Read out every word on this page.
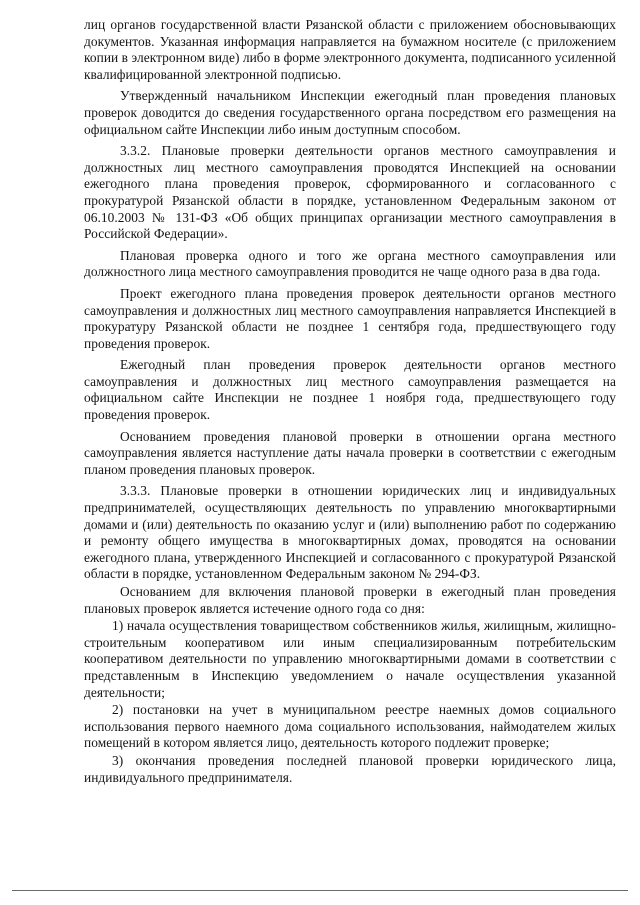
лиц органов государственной власти Рязанской области с приложением обосновывающих документов. Указанная информация направляется на бумажном носителе (с приложением копии в электронном виде) либо в форме электронного документа, подписанного усиленной квалифицированной электронной подписью.

Утвержденный начальником Инспекции ежегодный план проведения плановых проверок доводится до сведения государственного органа посредством его размещения на официальном сайте Инспекции либо иным доступным способом.

3.3.2. Плановые проверки деятельности органов местного самоуправления и должностных лиц местного самоуправления проводятся Инспекцией на основании ежегодного плана проведения проверок, сформированного и согласованного с прокуратурой Рязанской области в порядке, установленном Федеральным законом от 06.10.2003 № 131-ФЗ «Об общих принципах организации местного самоуправления в Российской Федерации».

Плановая проверка одного и того же органа местного самоуправления или должностного лица местного самоуправления проводится не чаще одного раза в два года.

Проект ежегодного плана проведения проверок деятельности органов местного самоуправления и должностных лиц местного самоуправления направляется Инспекцией в прокуратуру Рязанской области не позднее 1 сентября года, предшествующего году проведения проверок.

Ежегодный план проведения проверок деятельности органов местного самоуправления и должностных лиц местного самоуправления размещается на официальном сайте Инспекции не позднее 1 ноября года, предшествующего году проведения проверок.

Основанием проведения плановой проверки в отношении органа местного самоуправления является наступление даты начала проверки в соответствии с ежегодным планом проведения плановых проверок.

3.3.3. Плановые проверки в отношении юридических лиц и индивидуальных предпринимателей, осуществляющих деятельность по управлению многоквартирными домами и (или) деятельность по оказанию услуг и (или) выполнению работ по содержанию и ремонту общего имущества в многоквартирных домах, проводятся на основании ежегодного плана, утвержденного Инспекцией и согласованного с прокуратурой Рязанской области в порядке, установленном Федеральным законом № 294-ФЗ.

Основанием для включения плановой проверки в ежегодный план проведения плановых проверок является истечение одного года со дня:

1) начала осуществления товариществом собственников жилья, жилищным, жилищно-строительным кооперативом или иным специализированным потребительским кооперативом деятельности по управлению многоквартирными домами в соответствии с представленным в Инспекцию уведомлением о начале осуществления указанной деятельности;

2) постановки на учет в муниципальном реестре наемных домов социального использования первого наемного дома социального использования, наймодателем жилых помещений в котором является лицо, деятельность которого подлежит проверке;

3) окончания проведения последней плановой проверки юридического лица, индивидуального предпринимателя.
